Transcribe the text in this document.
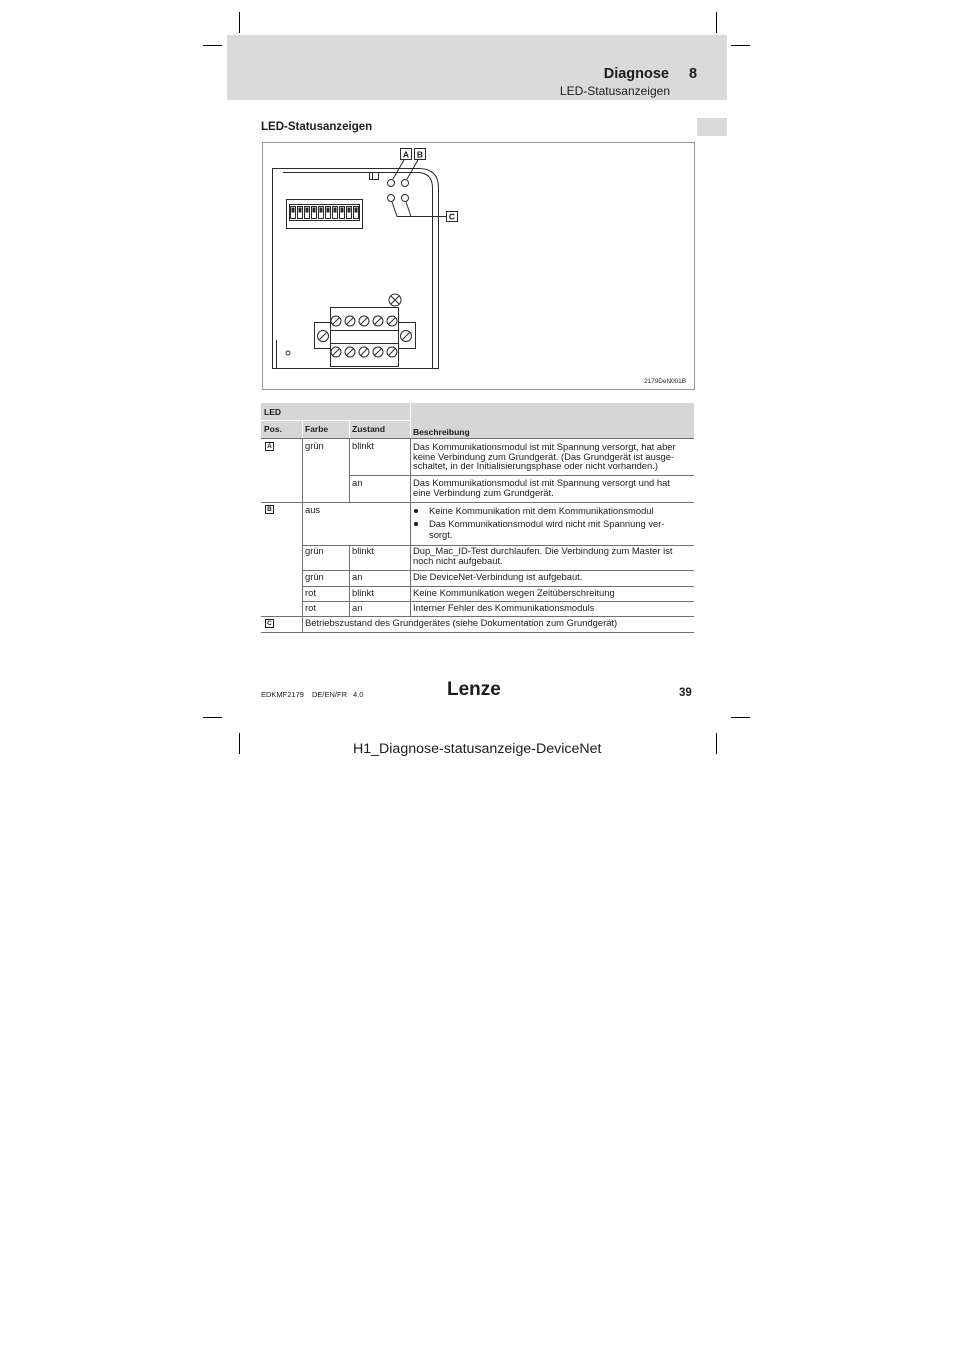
Diagnose 8
LED-Statusanzeigen
LED-Statusanzeigen
A B
C
2179DeN001B
LED
Pos.	Farbe	Zustand	Beschreibung
A	grün	blinkt	Das Kommunikationsmodul ist mit Spannung versorgt, hat aber
keine Verbindung zum Grundgerät. (Das Grundgerät ist ausge-
schaltet, in der Initialisierungsphase oder nicht vorhanden.)
an	Das Kommunikationsmodul ist mit Spannung versorgt und hat
eine Verbindung zum Grundgerät.
B	aus	Keine Kommunikation mit dem Kommunikationsmodul
Das Kommunikationsmodul wird nicht mit Spannung ver-
sorgt.
grün	blinkt	Dup_Mac_ID-Test durchlaufen. Die Verbindung zum Master ist
noch nicht aufgebaut.
grün	an	Die DeviceNet-Verbindung ist aufgebaut.
rot	blinkt	Keine Kommunikation wegen Zeitüberschreitung
rot	an	Interner Fehler des Kommunikationsmoduls
C	Betriebszustand des Grundgerätes (siehe Dokumentation zum Grundgerät)
EDKMF2179 DE/EN/FR 4.0	Lenze	39
H1_Diagnose-statusanzeige-DeviceNet
